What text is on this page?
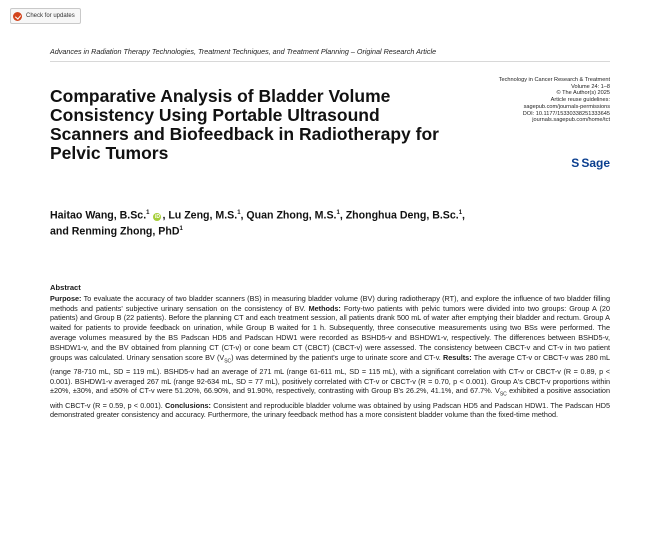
Check for updates
Advances in Radiation Therapy Technologies, Treatment Techniques, and Treatment Planning – Original Research Article
Comparative Analysis of Bladder Volume Consistency Using Portable Ultrasound Scanners and Biofeedback in Radiotherapy for Pelvic Tumors
Technology in Cancer Research & Treatment
Volume 24: 1–8
© The Author(s) 2025
Article reuse guidelines:
sagepub.com/journals-permissions
DOI: 10.1177/15330338251333645
journals.sagepub.com/home/tct
S Sage
Haitao Wang, B.Sc.$^1$ iD , Lu Zeng, M.S.$^1$, Quan Zhong, M.S.$^1$, Zhonghua Deng, B.Sc.$^1$,
and Renming Zhong, PhD$^1$
Abstract
Purpose: To evaluate the accuracy of two bladder scanners (BS) in measuring bladder volume (BV) during radiotherapy (RT), and explore the influence of two bladder filling methods and patients' subjective urinary sensation on the consistency of BV. Methods: Forty-two patients with pelvic tumors were divided into two groups: Group A (20 patients) and Group B (22 patients). Before the planning CT and each treatment session, all patients drank 500 mL of water after emptying their bladder and rectum. Group A waited for patients to provide feedback on urination, while Group B waited for 1 h. Subsequently, three consecutive measurements using two BSs were performed. The average volumes measured by the BS Padscan HD5 and Padscan HDW1 were recorded as BSHD5-v and BSHDW1-v, respectively. The differences between BSHD5-v, BSHDW1-v, and the BV obtained from planning CT (CT-v) or cone beam CT (CBCT) (CBCT-v) were assessed. The consistency between CBCT-v and CT-v in two patient groups was calculated. Urinary sensation score BV $(V_{SC})$ was determined by the patient's urge to urinate score and CT-v. Results: The average CT-v or CBCT-v was 280 mL (range 78-710 mL, SD = 119 mL). BSHD5-v had an average of 271 mL (range 61-611 mL, SD = 115 mL), with a significant correlation with CT-v or CBCT-v (R = 0.89, p < 0.001). BSHDW1-v averaged 267 mL (range 92-634 mL, SD = 77 mL), positively correlated with CT-v or CBCT-v (R = 0.70, p < 0.001). Group A's CBCT-v proportions within ±20%, ±30%, and ±50% of CT-v were 51.20%, 66.90%, and 91.90%, respectively, contrasting with Group B's 26.2%, 41.1%, and 67.7%. $V_{SC}$ exhibited a positive association with CBCT-v (R = 0.59, p < 0.001). Conclusions: Consistent and reproducible bladder volume was obtained by using Padscan HD5 and Padscan HDW1. The Padscan HD5 demonstrated greater consistency and accuracy. Furthermore, the urinary feedback method has a more consistent bladder volume than the fixed-time method.
